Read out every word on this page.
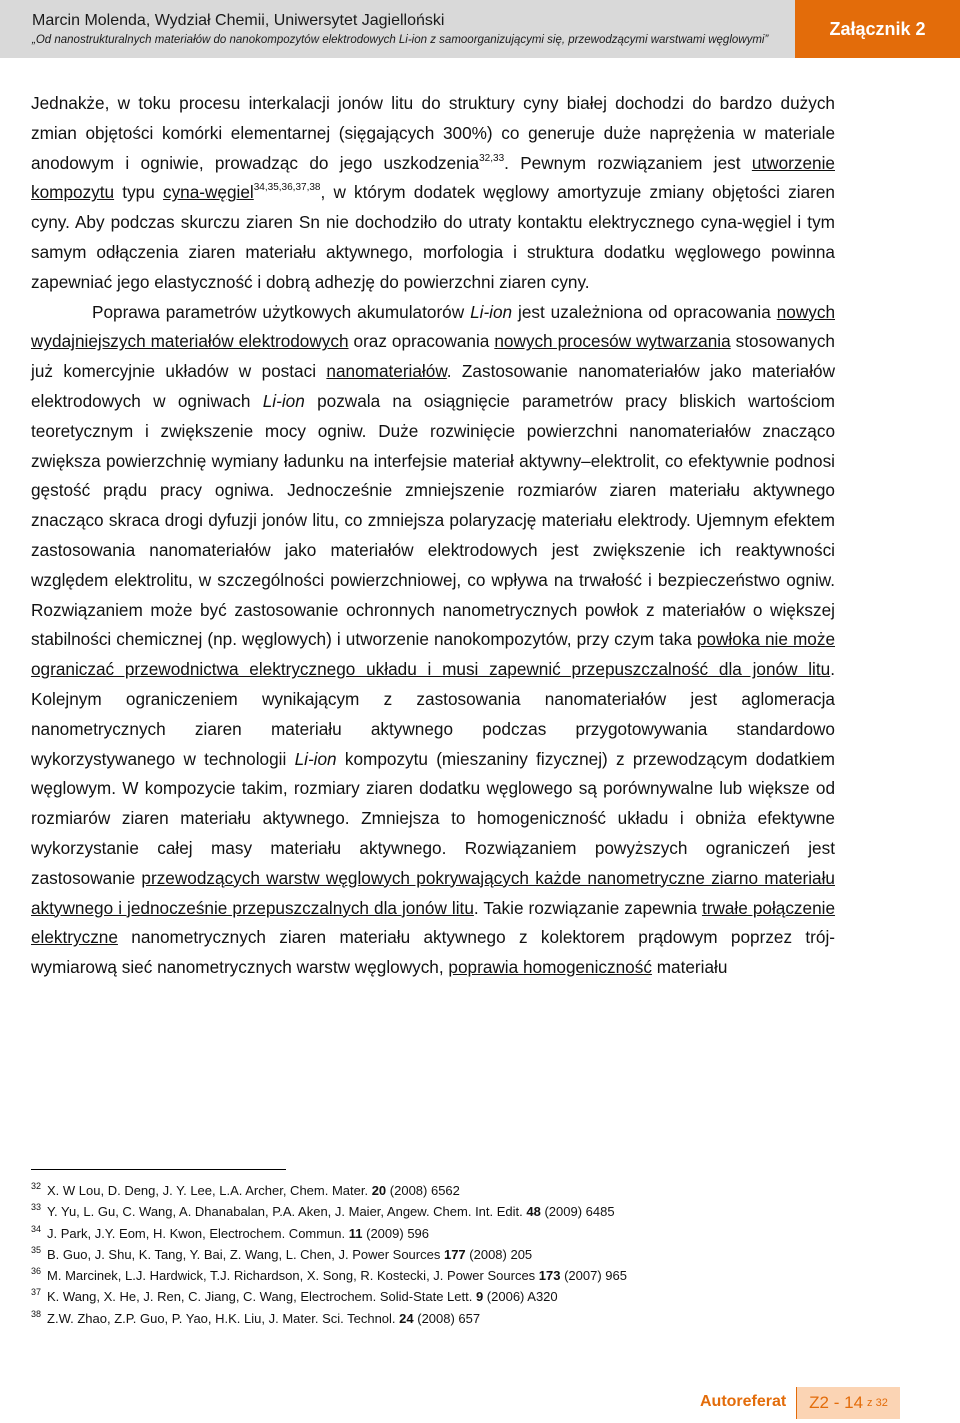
Marcin Molenda, Wydział Chemii, Uniwersytet Jagielloński
„Od nanostrukturalnych materiałów do nanokompozytów elektrodowych Li-ion z samoorganizującymi się, przewodzącymi warstwami węglowymi”
Załącznik 2

Jednakże, w toku procesu interkalacji jonów litu do struktury cyny białej dochodzi do bardzo dużych zmian objętości komórki elementarnej (sięgających 300%) co generuje duże naprężenia w materiale anodowym i ogniwie, prowadząc do jego uszkodzenia$^{32,33}$. Pewnym rozwiązaniem jest utworzenie kompozytu typu cyna-węgiel$^{34,35,36,37,38}$, w którym dodatek węglowy amortyzuje zmiany objętości ziaren cyny. Aby podczas skurczu ziaren Sn nie dochodziło do utraty kontaktu elektrycznego cyna-węgiel i tym samym odłączenia ziaren materiału aktywnego, morfologia i struktura dodatku węglowego powinna zapewniać jego elastyczność i dobrą adhezję do powierzchni ziaren cyny.

Poprawa parametrów użytkowych akumulatorów Li-ion jest uzależniona od opracowania nowych wydajniejszych materiałów elektrodowych oraz opracowania nowych procesów wytwarzania stosowanych już komercyjnie układów w postaci nanomateriałów. Zastosowanie nanomateriałów jako materiałów elektrodowych w ogniwach Li-ion pozwala na osiągnięcie parametrów pracy bliskich wartościom teoretycznym i zwiększenie mocy ogniw. Duże rozwinięcie powierzchni nanomateriałów znacząco zwiększa powierzchnię wymiany ładunku na interfejsie materiał aktywny–elektrolit, co efektywnie podnosi gęstość prądu pracy ogniwa. Jednocześnie zmniejszenie rozmiarów ziaren materiału aktywnego znacząco skraca drogi dyfuzji jonów litu, co zmniejsza polaryzację materiału elektrody. Ujemnym efektem zastosowania nanomateriałów jako materiałów elektrodowych jest zwiększenie ich reaktywności względem elektrolitu, w szczególności powierzchniowej, co wpływa na trwałość i bezpieczeństwo ogniw. Rozwiązaniem może być zastosowanie ochronnych nanometrycznych powłok z materiałów o większej stabilności chemicznej (np. węglowych) i utworzenie nanokompozytów, przy czym taka powłoka nie może ograniczać przewodnictwa elektrycznego układu i musi zapewnić przepuszczalność dla jonów litu. Kolejnym ograniczeniem wynikającym z zastosowania nanomateriałów jest aglomeracja nanometrycznych ziaren materiału aktywnego podczas przygotowywania standardowo wykorzystywanego w technologii Li-ion kompozytu (mieszaniny fizycznej) z przewodzącym dodatkiem węglowym. W kompozycie takim, rozmiary ziaren dodatku węglowego są porównywalne lub większe od rozmiarów ziaren materiału aktywnego. Zmniejsza to homogeniczność układu i obniża efektywne wykorzystanie całej masy materiału aktywnego. Rozwiązaniem powyższych ograniczeń jest zastosowanie przewodzących warstw węglowych pokrywających każde nanometryczne ziarno materiału aktywnego i jednocześnie przepuszczalnych dla jonów litu. Takie rozwiązanie zapewnia trwałe połączenie elektryczne nanometrycznych ziaren materiału aktywnego z kolektorem prądowym poprzez trój-wymiarową sieć nanometrycznych warstw węglowych, poprawia homogeniczność materiału

$^{32}$ X. W Lou, D. Deng, J. Y. Lee, L.A. Archer, Chem. Mater. 20 (2008) 6562
$^{33}$ Y. Yu, L. Gu, C. Wang, A. Dhanabalan, P.A. Aken, J. Maier, Angew. Chem. Int. Edit. 48 (2009) 6485
$^{34}$ J. Park, J.Y. Eom, H. Kwon, Electrochem. Commun. 11 (2009) 596
$^{35}$ B. Guo, J. Shu, K. Tang, Y. Bai, Z. Wang, L. Chen, J. Power Sources 177 (2008) 205
$^{36}$ M. Marcinek, L.J. Hardwick, T.J. Richardson, X. Song, R. Kostecki, J. Power Sources 173 (2007) 965
$^{37}$ K. Wang, X. He, J. Ren, C. Jiang, C. Wang, Electrochem. Solid-State Lett. 9 (2006) A320
$^{38}$ Z.W. Zhao, Z.P. Guo, P. Yao, H.K. Liu, J. Mater. Sci. Technol. 24 (2008) 657
Autoreferat Z2 - 14 z 32
